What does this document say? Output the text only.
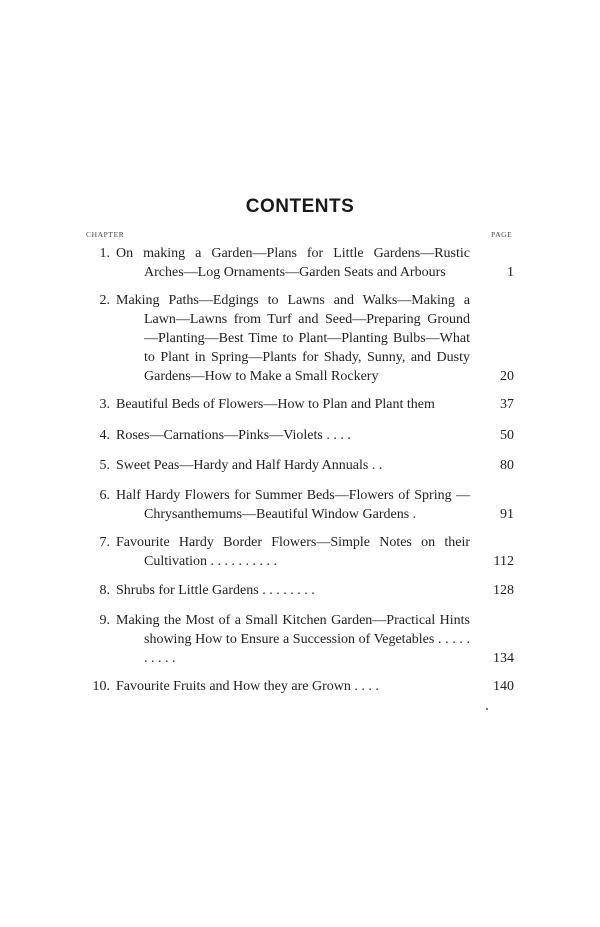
CONTENTS
CHAPTER	PAGE
1. On making a Garden—Plans for Little Gardens—Rustic Arches—Log Ornaments—Garden Seats and Arbours	1
2. Making Paths—Edgings to Lawns and Walks—Making a Lawn—Lawns from Turf and Seed—Preparing Ground —Planting—Best Time to Plant—Planting Bulbs—What to Plant in Spring—Plants for Shady, Sunny, and Dusty Gardens—How to Make a Small Rockery	20
3. Beautiful Beds of Flowers—How to Plan and Plant them	37
4. Roses—Carnations—Pinks—Violets . . . .	50
5. Sweet Peas—Hardy and Half Hardy Annuals . .	80
6. Half Hardy Flowers for Summer Beds—Flowers of Spring —Chrysanthemums—Beautiful Window Gardens .	91
7. Favourite Hardy Border Flowers—Simple Notes on their Cultivation . . . . . . . . . .	112
8. Shrubs for Little Gardens . . . . . . . .	128
9. Making the Most of a Small Kitchen Garden—Practical Hints showing How to Ensure a Succession of Vegetables . . . . . . . . . .	134
10. Favourite Fruits and How they are Grown . . . .	140
